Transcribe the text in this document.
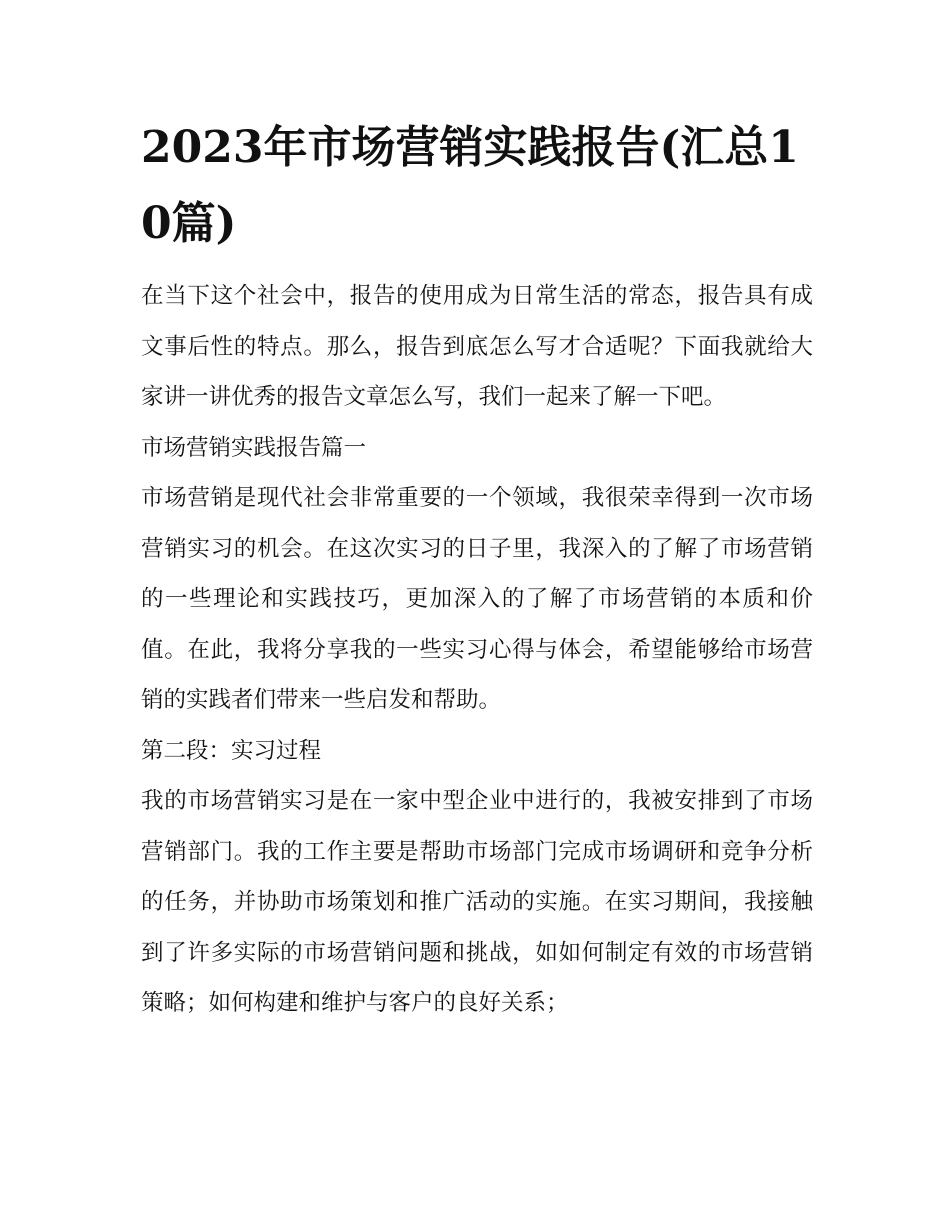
2023年市场营销实践报告(汇总10篇)

在当下这个社会中，报告的使用成为日常生活的常态，报告具有成文事后性的特点。那么，报告到底怎么写才合适呢？下面我就给大家讲一讲优秀的报告文章怎么写，我们一起来了解一下吧。

市场营销实践报告篇一

市场营销是现代社会非常重要的一个领域，我很荣幸得到一次市场营销实习的机会。在这次实习的日子里，我深入的了解了市场营销的一些理论和实践技巧，更加深入的了解了市场营销的本质和价值。在此，我将分享我的一些实习心得与体会，希望能够给市场营销的实践者们带来一些启发和帮助。

第二段：实习过程

我的市场营销实习是在一家中型企业中进行的，我被安排到了市场营销部门。我的工作主要是帮助市场部门完成市场调研和竞争分析的任务，并协助市场策划和推广活动的实施。在实习期间，我接触到了许多实际的市场营销问题和挑战，如如何制定有效的市场营销策略；如何构建和维护与客户的良好关系；
